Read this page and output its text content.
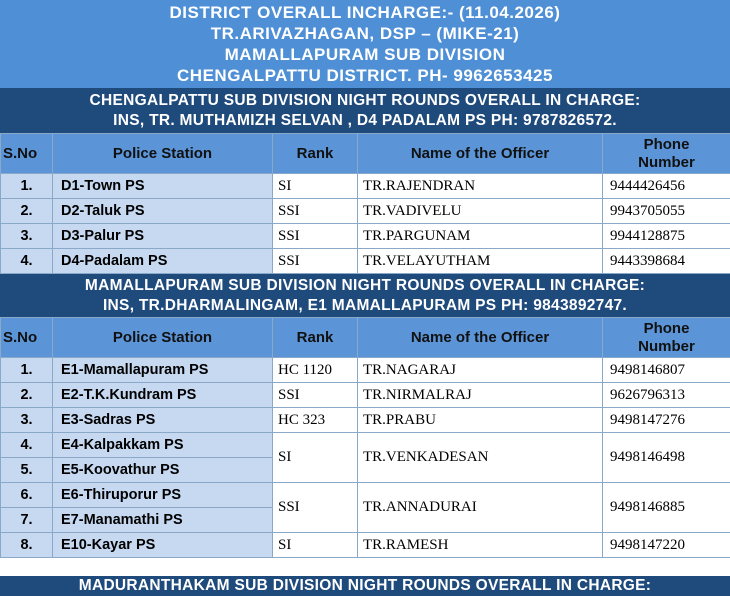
DISTRICT OVERALL INCHARGE:- (11.04.2026)
TR.ARIVAZHAGAN, DSP – (MIKE-21)
MAMALLAPURAM SUB DIVISION
CHENGALPATTU DISTRICT. PH- 9962653425
CHENGALPATTU SUB DIVISION NIGHT ROUNDS OVERALL IN CHARGE:
INS, TR. MUTHAMIZH SELVAN , D4 PADALAM PS PH: 9787826572.
S.No	Police Station	Rank	Name of the Officer	Phone Number
1.	D1-Town PS	SI	TR.RAJENDRAN	9444426456
2.	D2-Taluk PS	SSI	TR.VADIVELU	9943705055
3.	D3-Palur PS	SSI	TR.PARGUNAM	9944128875
4.	D4-Padalam PS	SSI	TR.VELAYUTHAM	9443398684
MAMALLAPURAM SUB DIVISION NIGHT ROUNDS OVERALL IN CHARGE:
INS, TR.DHARMALINGAM, E1 MAMALLAPURAM PS PH: 9843892747.
S.No	Police Station	Rank	Name of the Officer	Phone Number
1.	E1-Mamallapuram PS	HC 1120	TR.NAGARAJ	9498146807
2.	E2-T.K.Kundram PS	SSI	TR.NIRMALRAJ	9626796313
3.	E3-Sadras PS	HC 323	TR.PRABU	9498147276
4.	E4-Kalpakkam PS	SI	TR.VENKADESAN	9498146498
5.	E5-Koovathur PS			
6.	E6-Thiruporur PS	SSI	TR.ANNADURAI	9498146885
7.	E7-Manamathi PS			
8.	E10-Kayar PS	SI	TR.RAMESH	9498147220
MADURANTHAKAM SUB DIVISION NIGHT ROUNDS OVERALL IN CHARGE:
